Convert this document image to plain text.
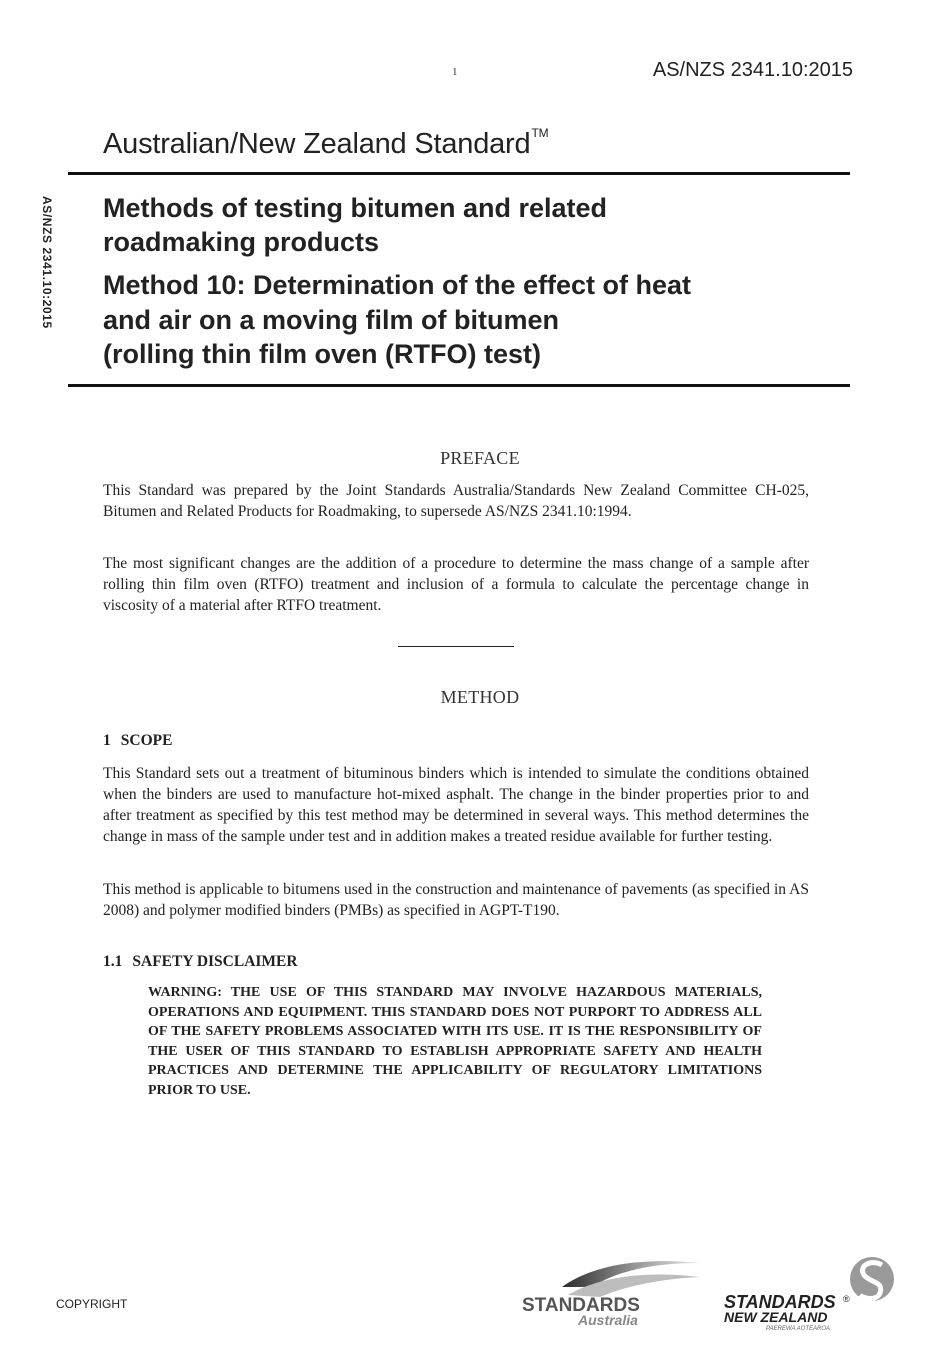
1	AS/NZS 2341.10:2015
Australian/New Zealand Standard™
AS/NZS 2341.10:2015 Methods of testing bitumen and related
roadmaking products
Method 10: Determination of the effect of heat
and air on a moving film of bitumen
(rolling thin film oven (RTFO) test)
PREFACE
This Standard was prepared by the Joint Standards Australia/Standards New Zealand Committee CH-025, Bitumen and Related Products for Roadmaking, to supersede AS/NZS 2341.10:1994.
The most significant changes are the addition of a procedure to determine the mass change of a sample after rolling thin film oven (RTFO) treatment and inclusion of a formula to calculate the percentage change in viscosity of a material after RTFO treatment.
METHOD
1 SCOPE
This Standard sets out a treatment of bituminous binders which is intended to simulate the conditions obtained when the binders are used to manufacture hot-mixed asphalt. The change in the binder properties prior to and after treatment as specified by this test method may be determined in several ways. This method determines the change in mass of the sample under test and in addition makes a treated residue available for further testing.
This method is applicable to bitumens used in the construction and maintenance of pavements (as specified in AS 2008) and polymer modified binders (PMBs) as specified in AGPT-T190.
1.1 SAFETY DISCLAIMER
WARNING: THE USE OF THIS STANDARD MAY INVOLVE HAZARDOUS MATERIALS, OPERATIONS AND EQUIPMENT. THIS STANDARD DOES NOT PURPORT TO ADDRESS ALL OF THE SAFETY PROBLEMS ASSOCIATED WITH ITS USE. IT IS THE RESPONSIBILITY OF THE USER OF THIS STANDARD TO ESTABLISH APPROPRIATE SAFETY AND HEALTH PRACTICES AND DETERMINE THE APPLICABILITY OF REGULATORY LIMITATIONS PRIOR TO USE.
COPYRIGHT	STANDARDS
Australia
STANDARDS ®
NEW ZEALAND
PAEREWA AOTEAROA
